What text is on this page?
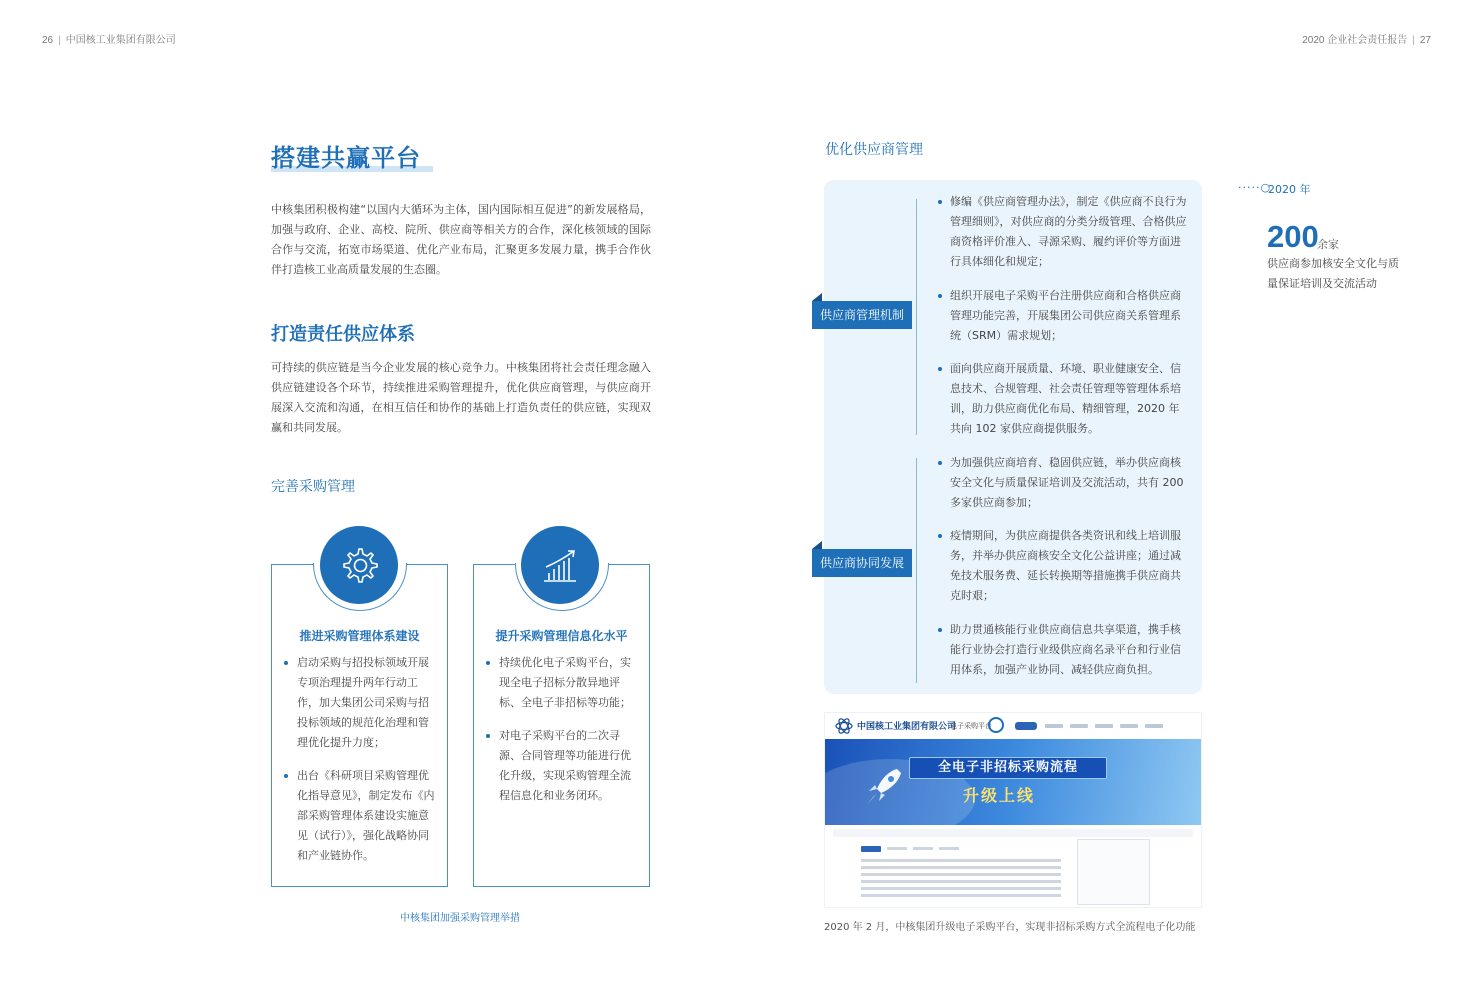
26 | 中国核工业集团有限公司	2020 企业社会责任报告 | 27
搭建共赢平台

中核集团积极构建“以国内大循环为主体，国内国际相互促进”的新发展格局，加强与政府、企业、高校、院所、供应商等相关方的合作，深化核领域的国际合作与交流，拓宽市场渠道、优化产业布局，汇聚更多发展力量，携手合作伙伴打造核工业高质量发展的生态圈。

打造责任供应体系

可持续的供应链是当今企业发展的核心竞争力。中核集团将社会责任理念融入供应链建设各个环节，持续推进采购管理提升，优化供应商管理，与供应商开展深入交流和沟通，在相互信任和协作的基础上打造负责任的供应链，实现双赢和共同发展。

完善采购管理
推进采购管理体系建设
启动采购与招投标领域开展专项治理提升两年行动工作，加大集团公司采购与招投标领域的规范化治理和管理优化提升力度；
出台《科研项目采购管理优化指导意见》，制定发布《内部采购管理体系建设实施意见（试行）》，强化战略协同和产业链协作。
提升采购管理信息化水平
持续优化电子采购平台，实现全电子招标分散异地评标、全电子非招标等功能；
对电子采购平台的二次寻源、合同管理等功能进行优化升级，实现采购管理全流程信息化和业务闭环。
中核集团加强采购管理举措
优化供应商管理
供应商管理机制
供应商协同发展
修编《供应商管理办法》，制定《供应商不良行为管理细则》，对供应商的分类分级管理、合格供应商资格评价准入、寻源采购、履约评价等方面进行具体细化和规定；
组织开展电子采购平台注册供应商和合格供应商管理功能完善，开展集团公司供应商关系管理系统（SRM）需求规划；
面向供应商开展质量、环境、职业健康安全、信息技术、合规管理、社会责任管理等管理体系培训，助力供应商优化布局、精细管理，2020 年共向 102 家供应商提供服务。
为加强供应商培育、稳固供应链，举办供应商核安全文化与质量保证培训及交流活动，共有 200 多家供应商参加；
疫情期间，为供应商提供各类资讯和线上培训服务，并举办供应商核安全文化公益讲座；通过减免技术服务费、延长转换期等措施携手供应商共克时艰；
助力贯通核能行业供应商信息共享渠道，携手核能行业协会打造行业级供应商名录平台和行业信用体系，加强产业协同、减轻供应商负担。
·····○
2020 年
200
余家
供应商参加核安全文化与质量保证培训及交流活动
中国核工业集团有限公司
电子采购平台
全电子非招标采购流程
升级上线
2020 年 2 月，中核集团升级电子采购平台，实现非招标采购方式全流程电子化功能
